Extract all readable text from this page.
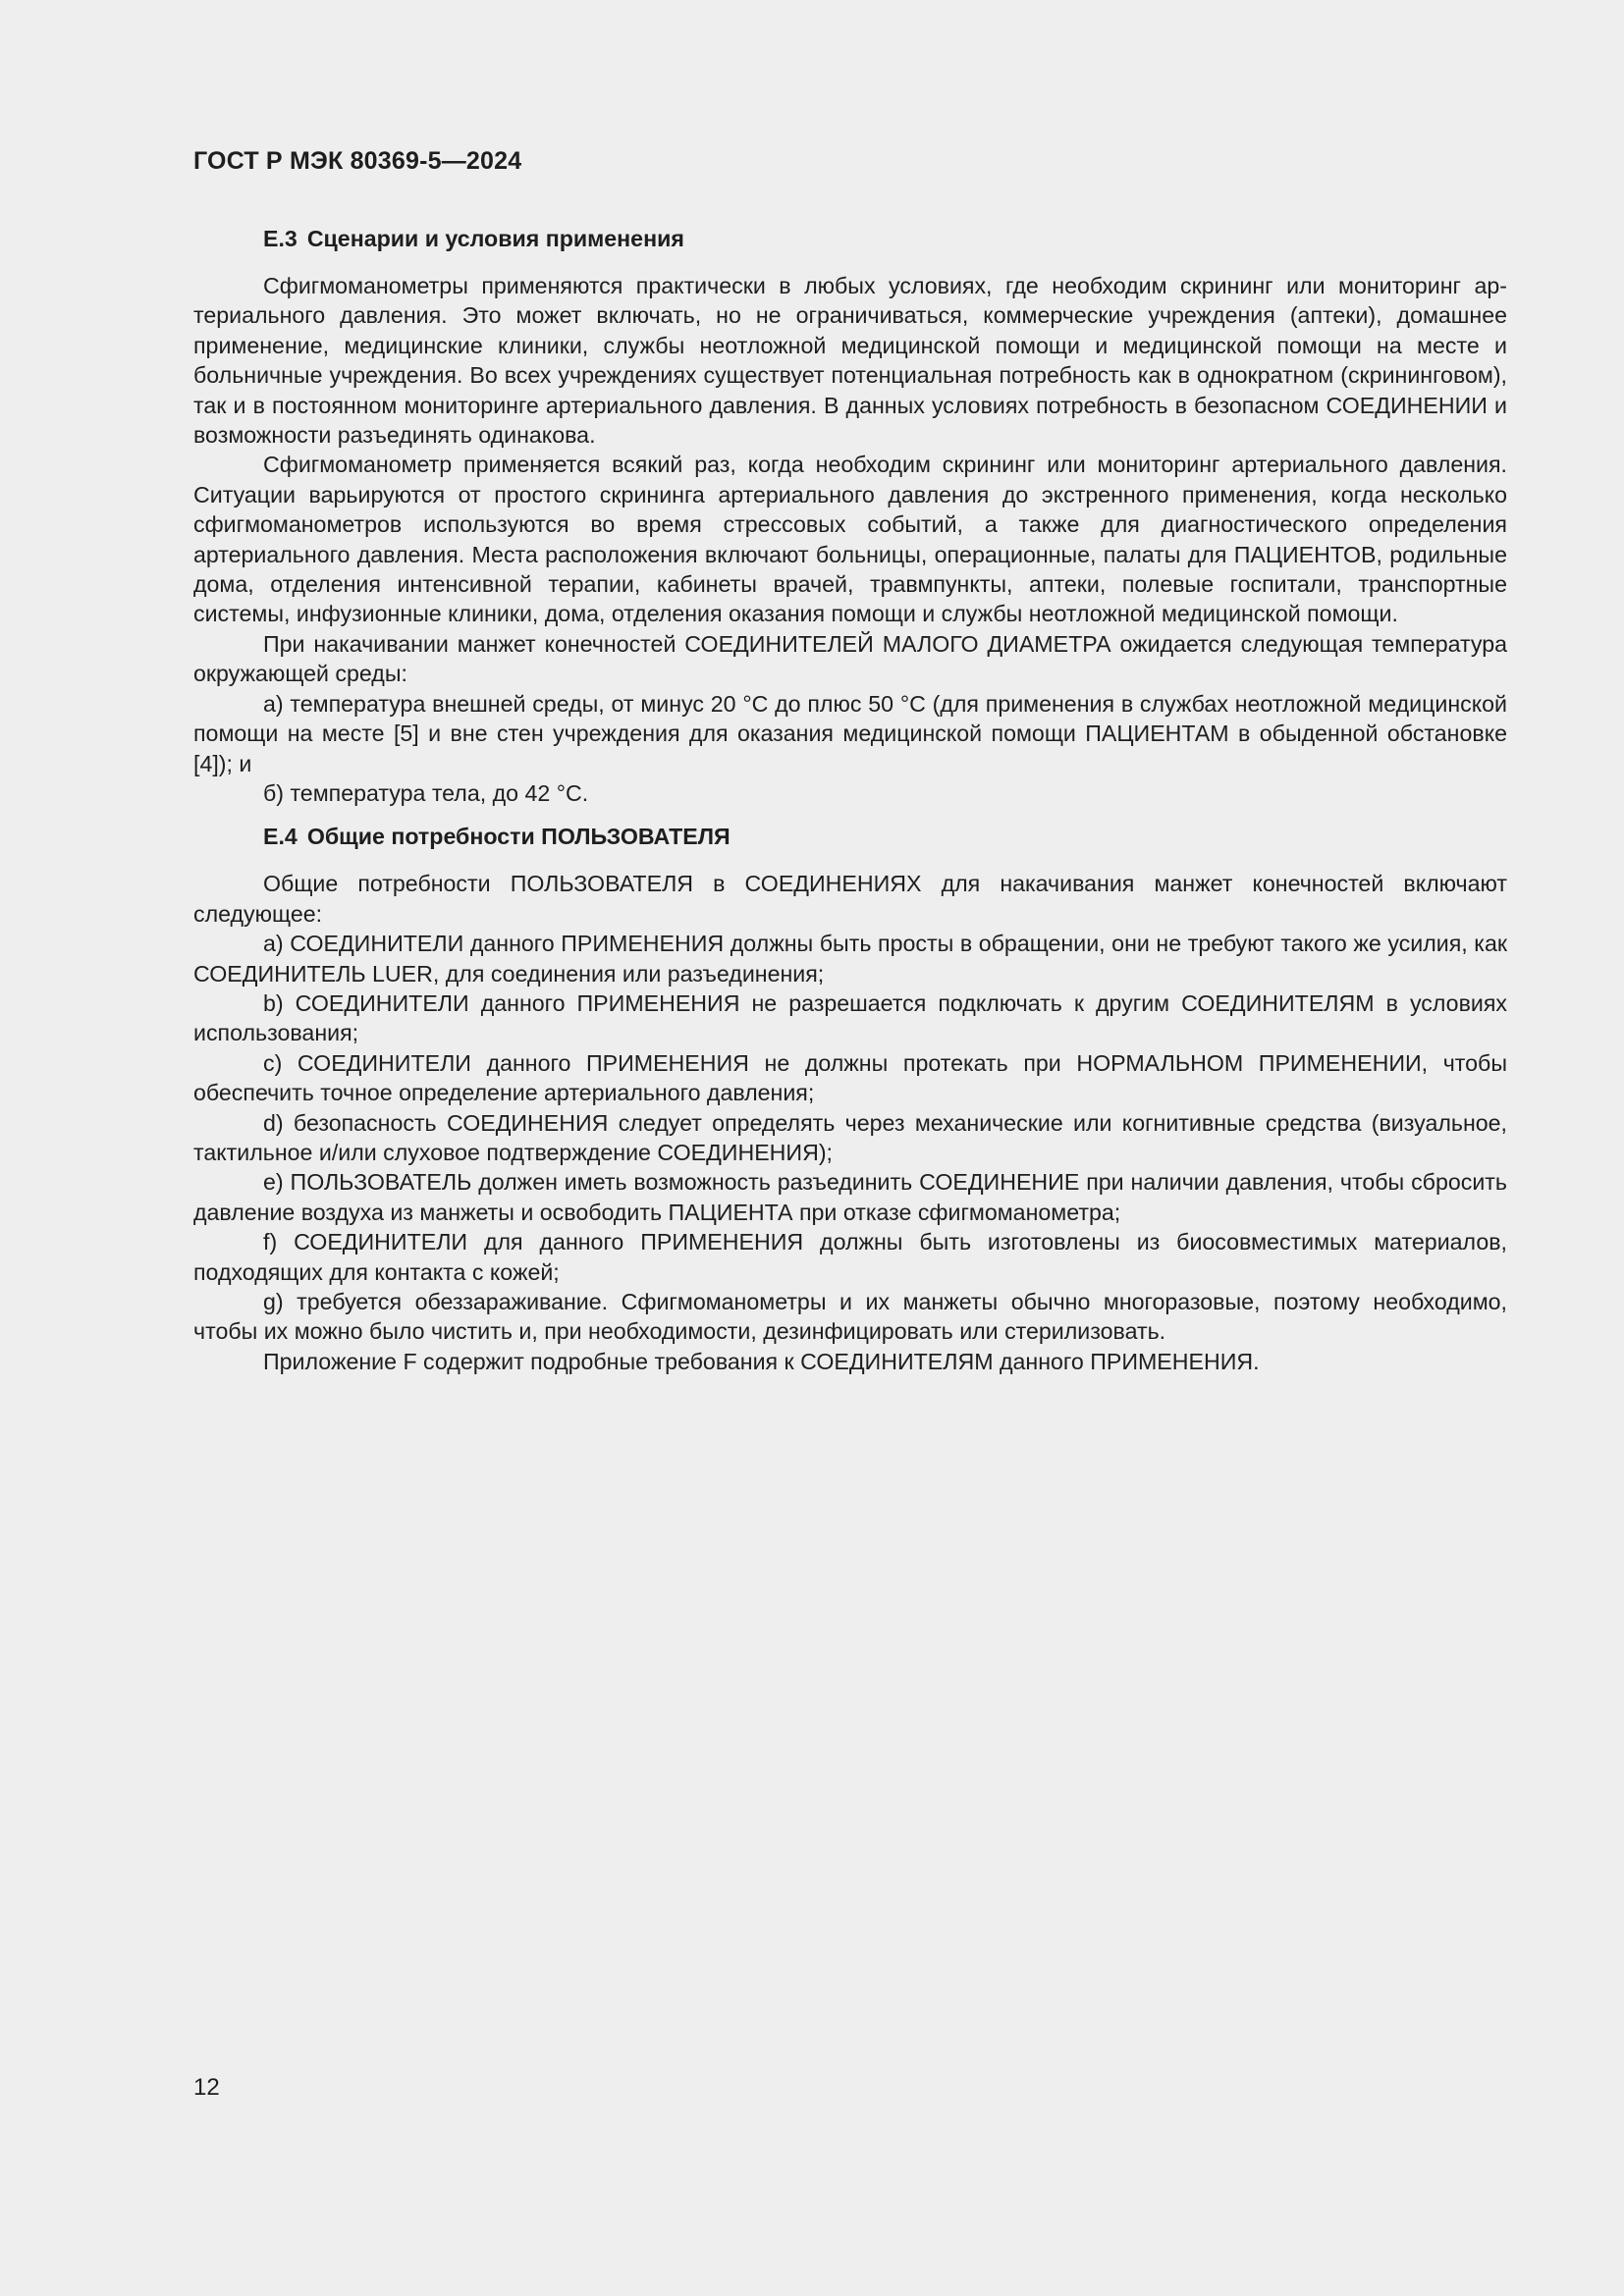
ГОСТ Р МЭК 80369-5—2024
Е.3 Сценарии и условия применения

Сфигмоманометры применяются практически в любых условиях, где необходим скрининг или мониторинг артериального давления. Это может включать, но не ограничиваться, коммерческие учреждения (аптеки), домашнее применение, медицинские клиники, службы неотложной медицинской помощи и медицинской помощи на месте и больничные учреждения. Во всех учреждениях существует потенциальная потребность как в однократном (скрининговом), так и в постоянном мониторинге артериального давления. В данных условиях потребность в безопасном СОЕДИНЕНИИ и возможности разъединять одинакова.

Сфигмоманометр применяется всякий раз, когда необходим скрининг или мониторинг артериального давления. Ситуации варьируются от простого скрининга артериального давления до экстренного применения, когда несколько сфигмоманометров используются во время стрессовых событий, а также для диагностического определения артериального давления. Места расположения включают больницы, операционные, палаты для ПАЦИЕНТОВ, родильные дома, отделения интенсивной терапии, кабинеты врачей, травмпункты, аптеки, полевые госпитали, транспортные системы, инфузионные клиники, дома, отделения оказания помощи и службы неотложной медицинской помощи.

При накачивании манжет конечностей СОЕДИНИТЕЛЕЙ МАЛОГО ДИАМЕТРА ожидается следующая температура окружающей среды:

а) температура внешней среды, от минус 20 °С до плюс 50 °С (для применения в службах неотложной медицинской помощи на месте [5] и вне стен учреждения для оказания медицинской помощи ПАЦИЕНТАМ в обыденной обстановке [4]); и

б) температура тела, до 42 °С.

Е.4 Общие потребности ПОЛЬЗОВАТЕЛЯ

Общие потребности ПОЛЬЗОВАТЕЛЯ в СОЕДИНЕНИЯХ для накачивания манжет конечностей включают следующее:

a) СОЕДИНИТЕЛИ данного ПРИМЕНЕНИЯ должны быть просты в обращении, они не требуют такого же усилия, как СОЕДИНИТЕЛЬ LUER, для соединения или разъединения;

b) СОЕДИНИТЕЛИ данного ПРИМЕНЕНИЯ не разрешается подключать к другим СОЕДИНИТЕЛЯМ в условиях использования;

c) СОЕДИНИТЕЛИ данного ПРИМЕНЕНИЯ не должны протекать при НОРМАЛЬНОМ ПРИМЕНЕНИИ, чтобы обеспечить точное определение артериального давления;

d) безопасность СОЕДИНЕНИЯ следует определять через механические или когнитивные средства (визуальное, тактильное и/или слуховое подтверждение СОЕДИНЕНИЯ);

e) ПОЛЬЗОВАТЕЛЬ должен иметь возможность разъединить СОЕДИНЕНИЕ при наличии давления, чтобы сбросить давление воздуха из манжеты и освободить ПАЦИЕНТА при отказе сфигмоманометра;

f) СОЕДИНИТЕЛИ для данного ПРИМЕНЕНИЯ должны быть изготовлены из биосовместимых материалов, подходящих для контакта с кожей;

g) требуется обеззараживание. Сфигмоманометры и их манжеты обычно многоразовые, поэтому необходимо, чтобы их можно было чистить и, при необходимости, дезинфицировать или стерилизовать.

Приложение F содержит подробные требования к СОЕДИНИТЕЛЯМ данного ПРИМЕНЕНИЯ.

12
